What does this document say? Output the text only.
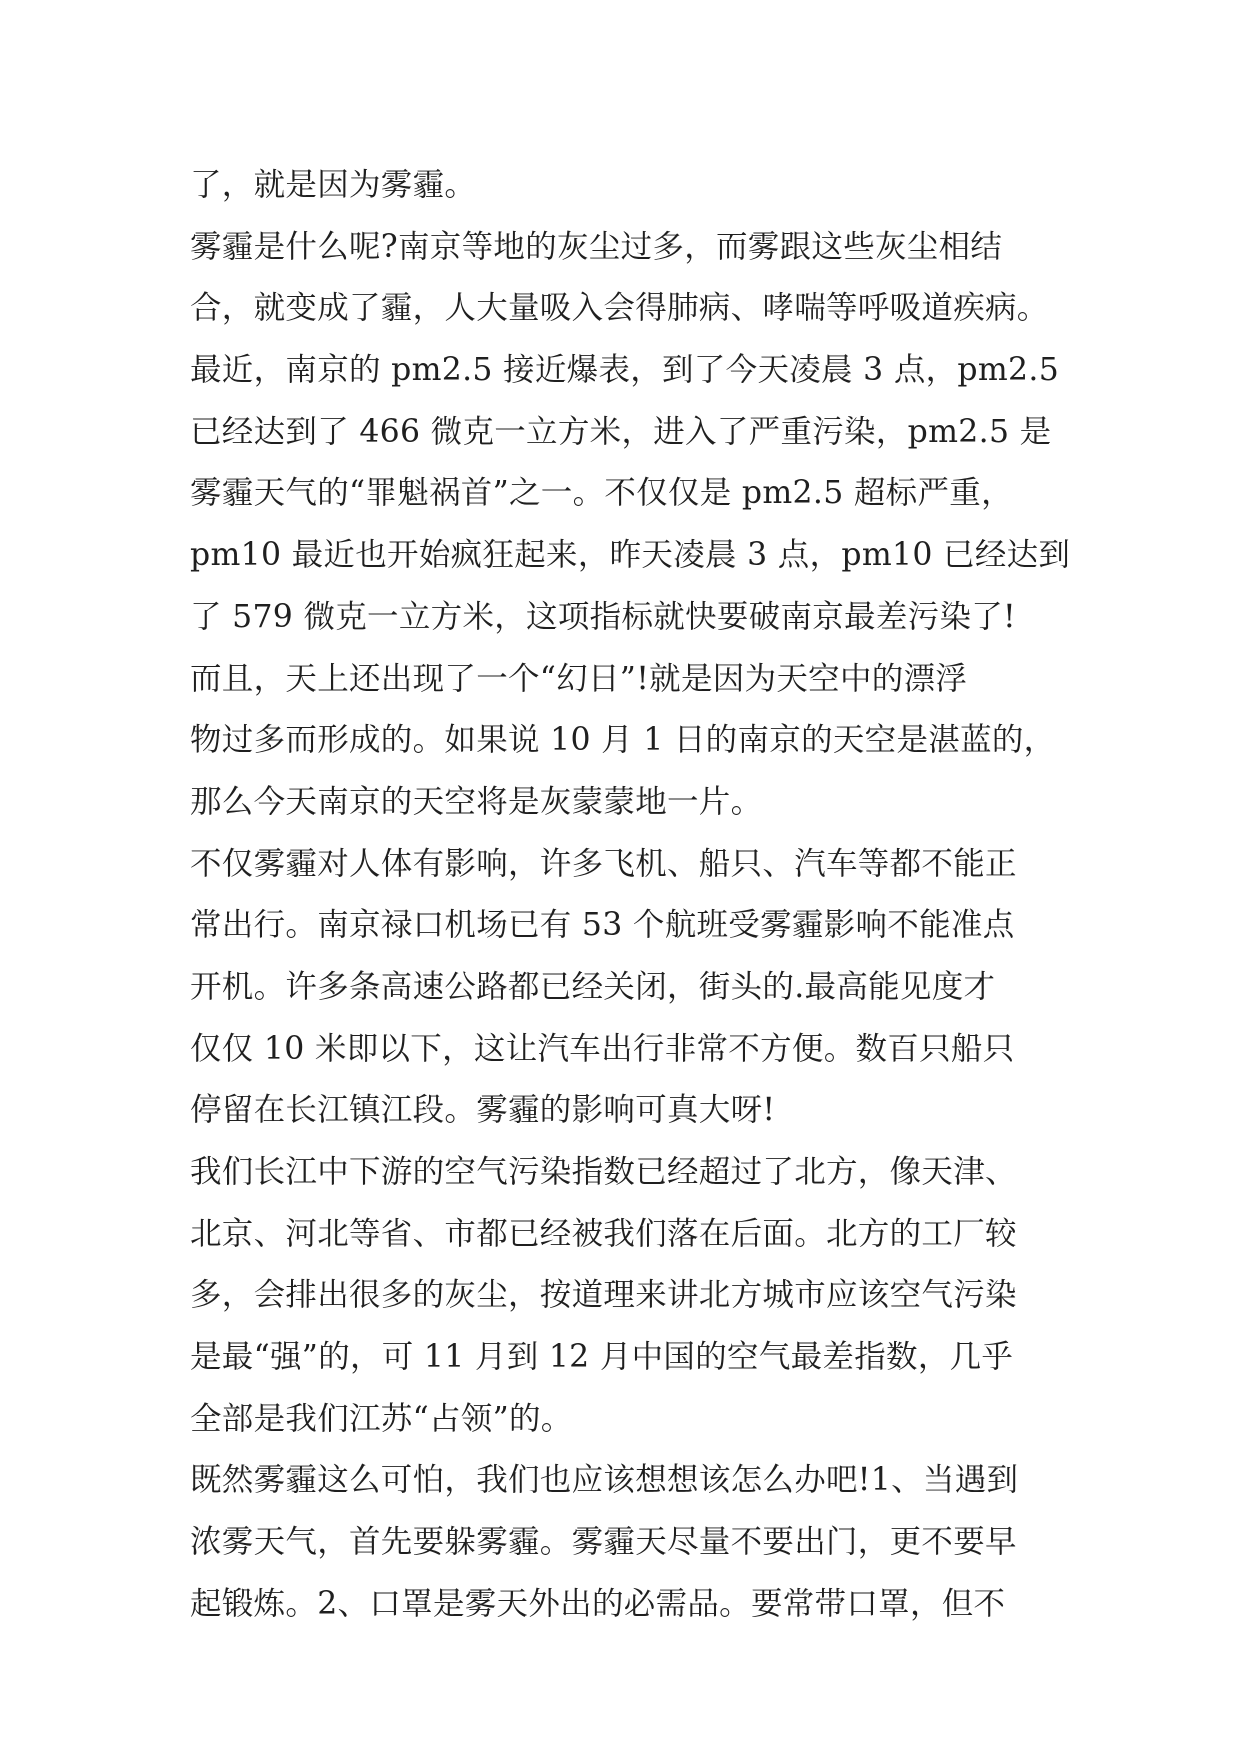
了，就是因为雾霾。
雾霾是什么呢?南京等地的灰尘过多，而雾跟这些灰尘相结
合，就变成了霾，人大量吸入会得肺病、哮喘等呼吸道疾病。
最近，南京的 pm2.5 接近爆表，到了今天凌晨 3 点，pm2.5
已经达到了 466 微克一立方米，进入了严重污染，pm2.5 是
雾霾天气的“罪魁祸首”之一。不仅仅是 pm2.5 超标严重，
pm10 最近也开始疯狂起来，昨天凌晨 3 点，pm10 已经达到
了 579 微克一立方米，这项指标就快要破南京最差污染了!
而且，天上还出现了一个“幻日”!就是因为天空中的漂浮
物过多而形成的。如果说 10 月 1 日的南京的天空是湛蓝的，
那么今天南京的天空将是灰蒙蒙地一片。
不仅雾霾对人体有影响，许多飞机、船只、汽车等都不能正
常出行。南京禄口机场已有 53 个航班受雾霾影响不能准点
开机。许多条高速公路都已经关闭，街头的.最高能见度才
仅仅 10 米即以下，这让汽车出行非常不方便。数百只船只
停留在长江镇江段。雾霾的影响可真大呀!
我们长江中下游的空气污染指数已经超过了北方，像天津、
北京、河北等省、市都已经被我们落在后面。北方的工厂较
多，会排出很多的灰尘，按道理来讲北方城市应该空气污染
是最“强”的，可 11 月到 12 月中国的空气最差指数，几乎
全部是我们江苏“占领”的。
既然雾霾这么可怕，我们也应该想想该怎么办吧!1、当遇到
浓雾天气，首先要躲雾霾。雾霾天尽量不要出门，更不要早
起锻炼。2、口罩是雾天外出的必需品。要常带口罩，但不
